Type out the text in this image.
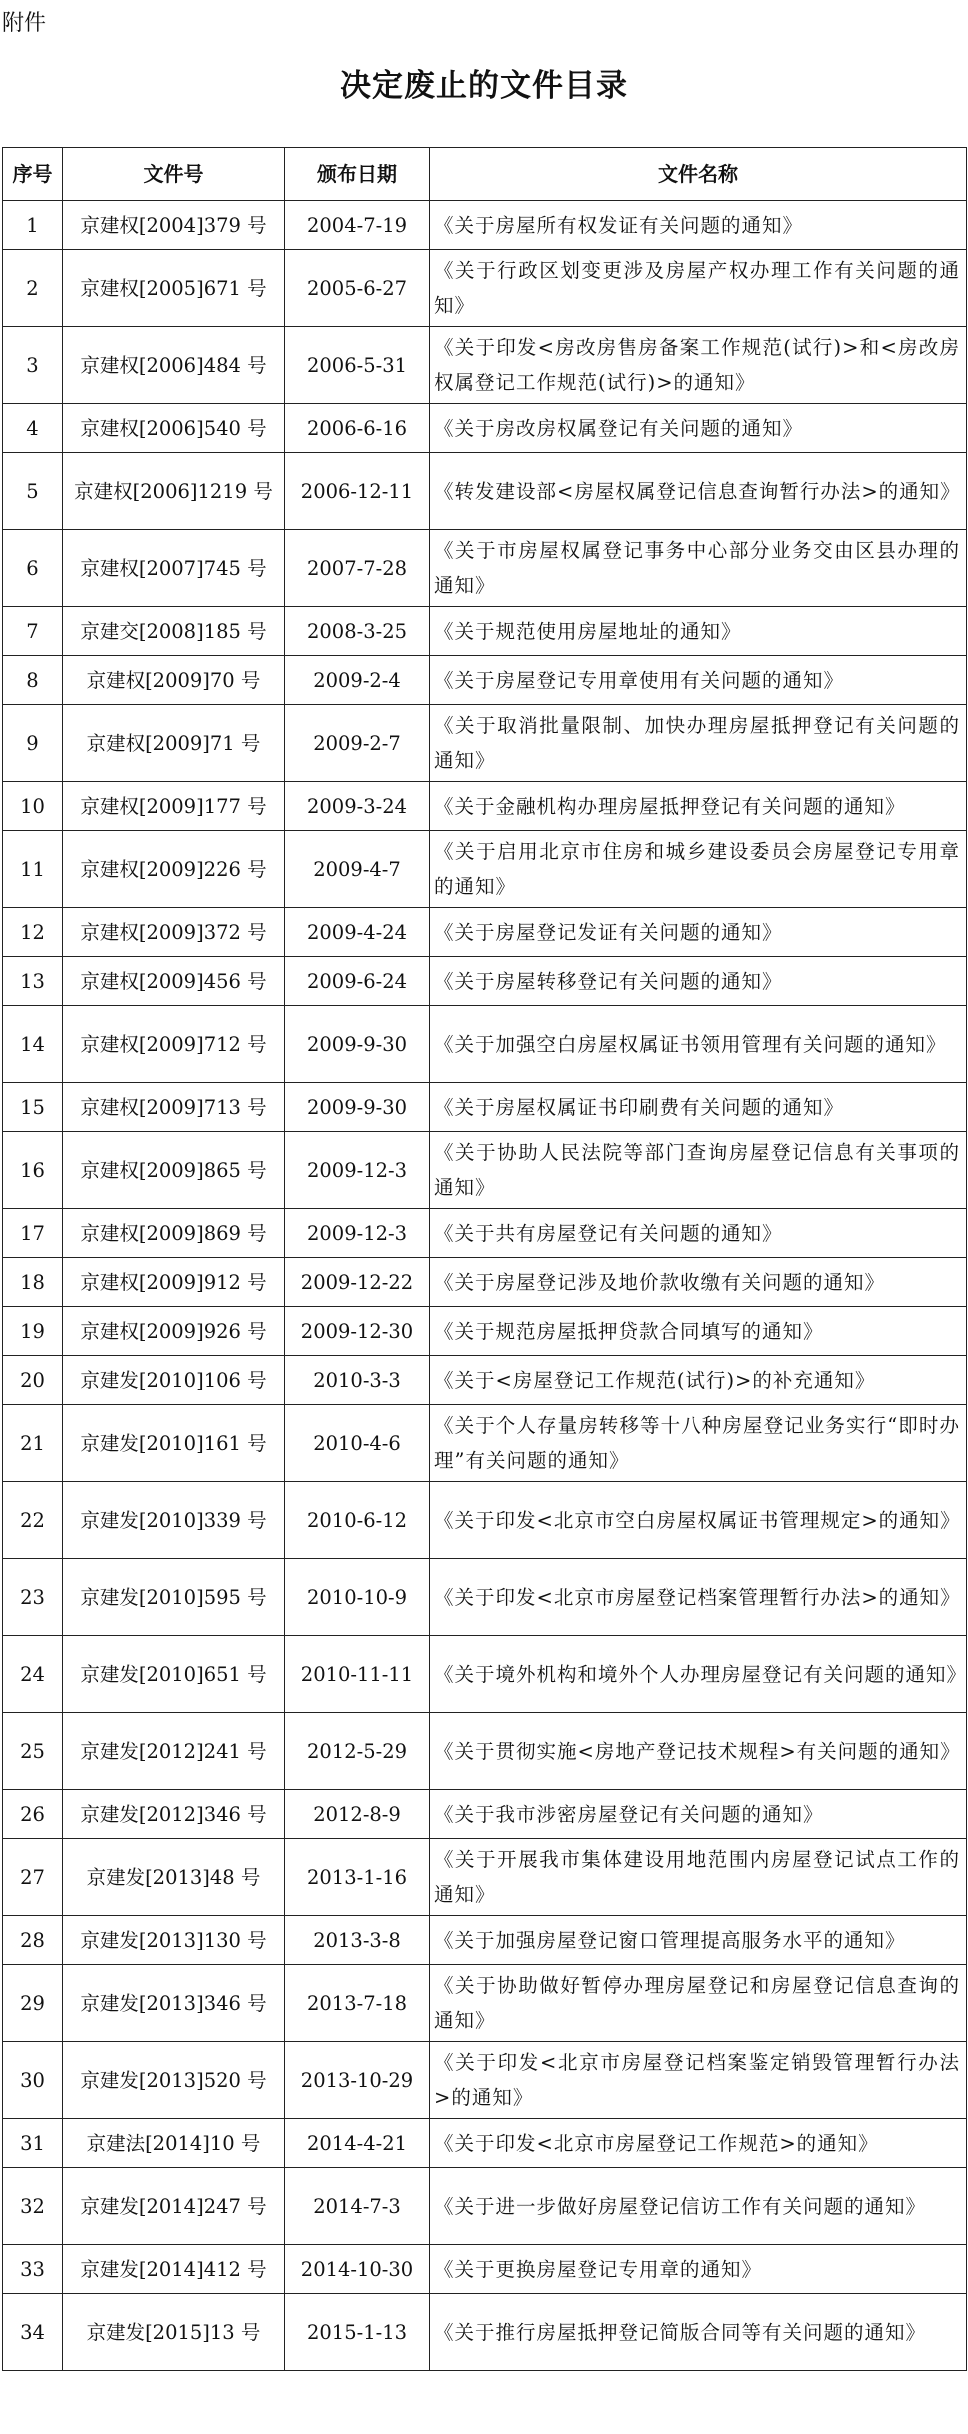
附件
决定废止的文件目录
序号	文件号	颁布日期	文件名称
1	京建权[2004]379 号	2004-7-19	《关于房屋所有权发证有关问题的通知》
2	京建权[2005]671 号	2005-6-27	《关于行政区划变更涉及房屋产权办理工作有关问题的通知》
3	京建权[2006]484 号	2006-5-31	《关于印发<房改房售房备案工作规范(试行)>和<房改房权属登记工作规范(试行)>的通知》
4	京建权[2006]540 号	2006-6-16	《关于房改房权属登记有关问题的通知》
5	京建权[2006]1219 号	2006-12-11	《转发建设部<房屋权属登记信息查询暂行办法>的通知》
6	京建权[2007]745 号	2007-7-28	《关于市房屋权属登记事务中心部分业务交由区县办理的通知》
7	京建交[2008]185 号	2008-3-25	《关于规范使用房屋地址的通知》
8	京建权[2009]70 号	2009-2-4	《关于房屋登记专用章使用有关问题的通知》
9	京建权[2009]71 号	2009-2-7	《关于取消批量限制、加快办理房屋抵押登记有关问题的通知》
10	京建权[2009]177 号	2009-3-24	《关于金融机构办理房屋抵押登记有关问题的通知》
11	京建权[2009]226 号	2009-4-7	《关于启用北京市住房和城乡建设委员会房屋登记专用章的通知》
12	京建权[2009]372 号	2009-4-24	《关于房屋登记发证有关问题的通知》
13	京建权[2009]456 号	2009-6-24	《关于房屋转移登记有关问题的通知》
14	京建权[2009]712 号	2009-9-30	《关于加强空白房屋权属证书领用管理有关问题的通知》
15	京建权[2009]713 号	2009-9-30	《关于房屋权属证书印刷费有关问题的通知》
16	京建权[2009]865 号	2009-12-3	《关于协助人民法院等部门查询房屋登记信息有关事项的通知》
17	京建权[2009]869 号	2009-12-3	《关于共有房屋登记有关问题的通知》
18	京建权[2009]912 号	2009-12-22	《关于房屋登记涉及地价款收缴有关问题的通知》
19	京建权[2009]926 号	2009-12-30	《关于规范房屋抵押贷款合同填写的通知》
20	京建发[2010]106 号	2010-3-3	《关于<房屋登记工作规范(试行)>的补充通知》
21	京建发[2010]161 号	2010-4-6	《关于个人存量房转移等十八种房屋登记业务实行“即时办理”有关问题的通知》
22	京建发[2010]339 号	2010-6-12	《关于印发<北京市空白房屋权属证书管理规定>的通知》
23	京建发[2010]595 号	2010-10-9	《关于印发<北京市房屋登记档案管理暂行办法>的通知》
24	京建发[2010]651 号	2010-11-11	《关于境外机构和境外个人办理房屋登记有关问题的通知》
25	京建发[2012]241 号	2012-5-29	《关于贯彻实施<房地产登记技术规程>有关问题的通知》
26	京建发[2012]346 号	2012-8-9	《关于我市涉密房屋登记有关问题的通知》
27	京建发[2013]48 号	2013-1-16	《关于开展我市集体建设用地范围内房屋登记试点工作的通知》
28	京建发[2013]130 号	2013-3-8	《关于加强房屋登记窗口管理提高服务水平的通知》
29	京建发[2013]346 号	2013-7-18	《关于协助做好暂停办理房屋登记和房屋登记信息查询的通知》
30	京建发[2013]520 号	2013-10-29	《关于印发<北京市房屋登记档案鉴定销毁管理暂行办法>的通知》
31	京建法[2014]10 号	2014-4-21	《关于印发<北京市房屋登记工作规范>的通知》
32	京建发[2014]247 号	2014-7-3	《关于进一步做好房屋登记信访工作有关问题的通知》
33	京建发[2014]412 号	2014-10-30	《关于更换房屋登记专用章的通知》
34	京建发[2015]13 号	2015-1-13	《关于推行房屋抵押登记简版合同等有关问题的通知》
